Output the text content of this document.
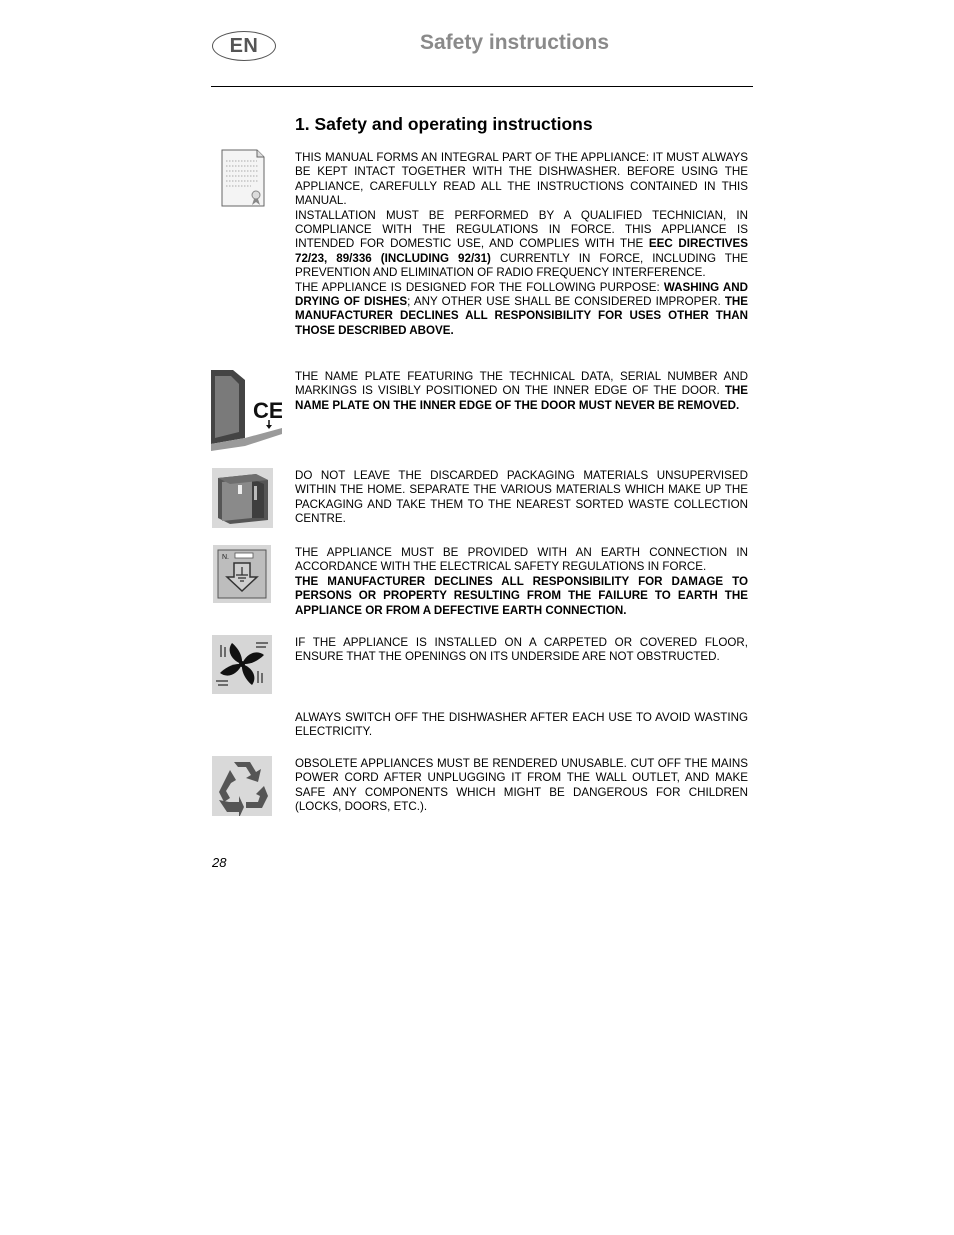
EN	Safety instructions
1. Safety and operating instructions
THIS MANUAL FORMS AN INTEGRAL PART OF THE APPLIANCE: IT MUST ALWAYS BE KEPT INTACT TOGETHER WITH THE DISHWASHER. BEFORE USING THE APPLIANCE, CAREFULLY READ ALL THE INSTRUCTIONS CONTAINED IN THIS MANUAL.
INSTALLATION MUST BE PERFORMED BY A QUALIFIED TECHNICIAN, IN COMPLIANCE WITH THE REGULATIONS IN FORCE. THIS APPLIANCE IS INTENDED FOR DOMESTIC USE, AND COMPLIES WITH THE EEC DIRECTIVES 72/23, 89/336 (INCLUDING 92/31) CURRENTLY IN FORCE, INCLUDING THE PREVENTION AND ELIMINATION OF RADIO FREQUENCY INTERFERENCE.
THE APPLIANCE IS DESIGNED FOR THE FOLLOWING PURPOSE: WASHING AND DRYING OF DISHES; ANY OTHER USE SHALL BE CONSIDERED IMPROPER. THE MANUFACTURER DECLINES ALL RESPONSIBILITY FOR USES OTHER THAN THOSE DESCRIBED ABOVE.
CE
THE NAME PLATE FEATURING THE TECHNICAL DATA, SERIAL NUMBER AND MARKINGS IS VISIBLY POSITIONED ON THE INNER EDGE OF THE DOOR. THE NAME PLATE ON THE INNER EDGE OF THE DOOR MUST NEVER BE REMOVED.
DO NOT LEAVE THE DISCARDED PACKAGING MATERIALS UNSUPERVISED WITHIN THE HOME. SEPARATE THE VARIOUS MATERIALS WHICH MAKE UP THE PACKAGING AND TAKE THEM TO THE NEAREST SORTED WASTE COLLECTION CENTRE.
N.	THE APPLIANCE MUST BE PROVIDED WITH AN EARTH CONNECTION IN ACCORDANCE WITH THE ELECTRICAL SAFETY REGULATIONS IN FORCE.
THE MANUFACTURER DECLINES ALL RESPONSIBILITY FOR DAMAGE TO PERSONS OR PROPERTY RESULTING FROM THE FAILURE TO EARTH THE APPLIANCE OR FROM A DEFECTIVE EARTH CONNECTION.
IF THE APPLIANCE IS INSTALLED ON A CARPETED OR COVERED FLOOR, ENSURE THAT THE OPENINGS ON ITS UNDERSIDE ARE NOT OBSTRUCTED.
ALWAYS SWITCH OFF THE DISHWASHER AFTER EACH USE TO AVOID WASTING ELECTRICITY.
OBSOLETE APPLIANCES MUST BE RENDERED UNUSABLE. CUT OFF THE MAINS POWER CORD AFTER UNPLUGGING IT FROM THE WALL OUTLET, AND MAKE SAFE ANY COMPONENTS WHICH MIGHT BE DANGEROUS FOR CHILDREN (LOCKS, DOORS, ETC.).
28
